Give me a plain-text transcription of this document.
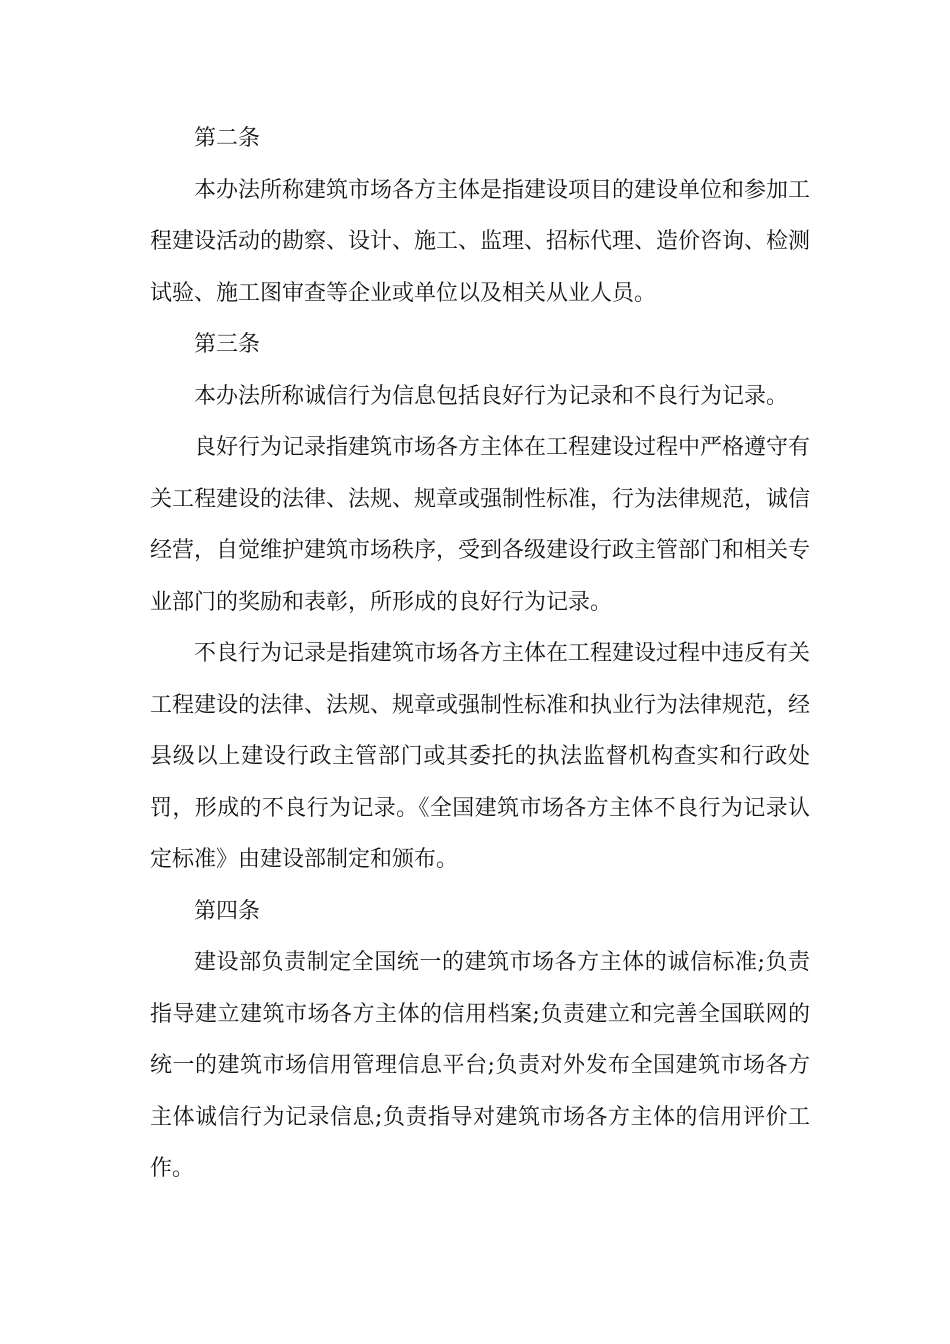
第二条

本办法所称建筑市场各方主体是指建设项目的建设单位和参加工程建设活动的勘察、设计、施工、监理、招标代理、造价咨询、检测试验、施工图审查等企业或单位以及相关从业人员。

第三条

本办法所称诚信行为信息包括良好行为记录和不良行为记录。

良好行为记录指建筑市场各方主体在工程建设过程中严格遵守有关工程建设的法律、法规、规章或强制性标准，行为法律规范，诚信经营，自觉维护建筑市场秩序，受到各级建设行政主管部门和相关专业部门的奖励和表彰，所形成的良好行为记录。

不良行为记录是指建筑市场各方主体在工程建设过程中违反有关工程建设的法律、法规、规章或强制性标准和执业行为法律规范，经县级以上建设行政主管部门或其委托的执法监督机构查实和行政处罚，形成的不良行为记录。《全国建筑市场各方主体不良行为记录认定标准》由建设部制定和颁布。

第四条

建设部负责制定全国统一的建筑市场各方主体的诚信标准;负责指导建立建筑市场各方主体的信用档案;负责建立和完善全国联网的统一的建筑市场信用管理信息平台;负责对外发布全国建筑市场各方主体诚信行为记录信息;负责指导对建筑市场各方主体的信用评价工作。
